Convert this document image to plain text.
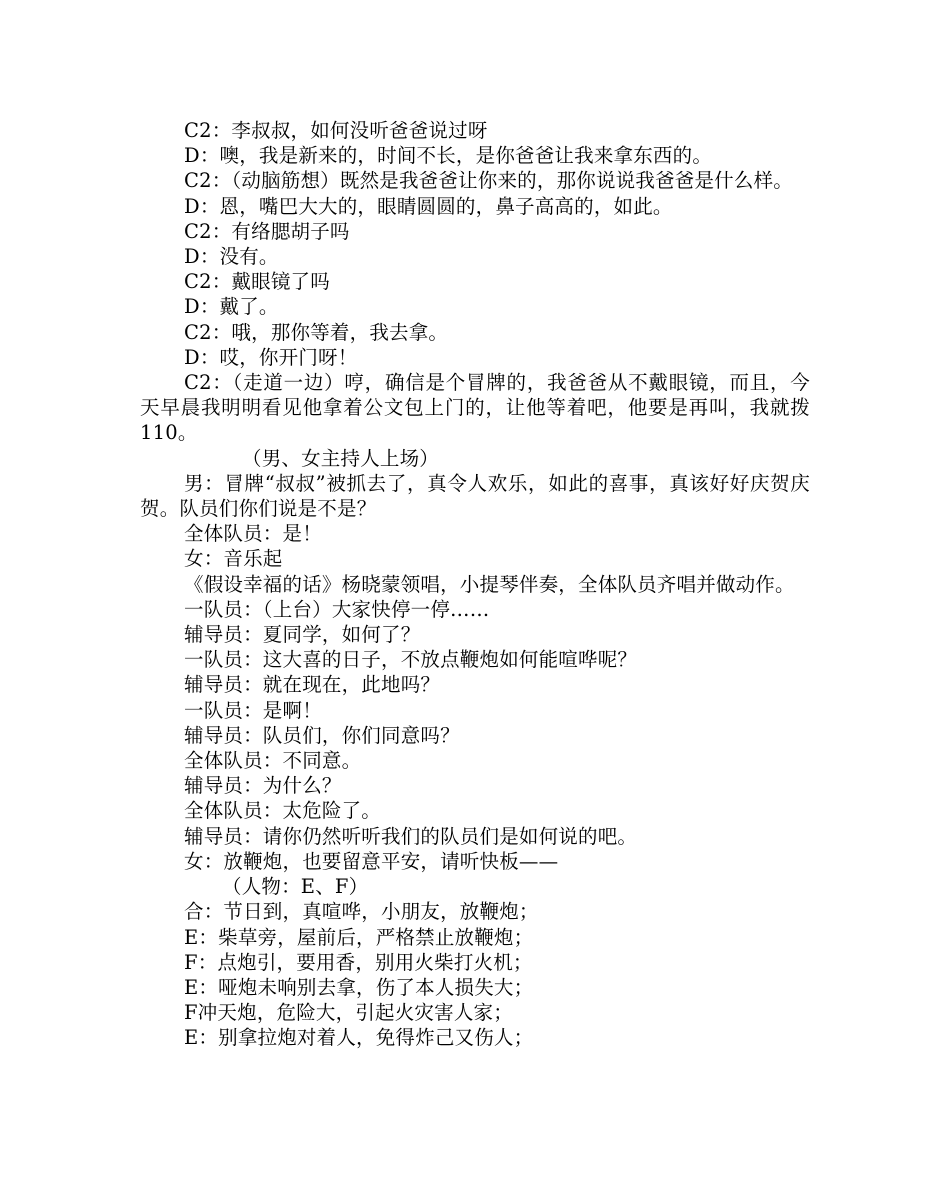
C2：李叔叔，如何没听爸爸说过呀
D：噢，我是新来的，时间不长，是你爸爸让我来拿东西的。
C2：（动脑筋想）既然是我爸爸让你来的，那你说说我爸爸是什么样。
D：恩，嘴巴大大的，眼睛圆圆的，鼻子高高的，如此。
C2：有络腮胡子吗
D：没有。
C2：戴眼镜了吗
D：戴了。
C2：哦，那你等着，我去拿。
D：哎，你开门呀！
C2：（走道一边）哼，确信是个冒牌的，我爸爸从不戴眼镜，而且，今天早晨我明明看见他拿着公文包上门的，让他等着吧，他要是再叫，我就拨110。
（男、女主持人上场）
男：冒牌“叔叔”被抓去了，真令人欢乐，如此的喜事，真该好好庆贺庆贺。队员们你们说是不是？
全体队员：是！
女：音乐起
《假设幸福的话》杨晓蒙领唱，小提琴伴奏，全体队员齐唱并做动作。
一队员：（上台）大家快停一停……
辅导员：夏同学，如何了？
一队员：这大喜的日子，不放点鞭炮如何能喧哗呢？
辅导员：就在现在，此地吗？
一队员：是啊！
辅导员：队员们，你们同意吗？
全体队员：不同意。
辅导员：为什么？
全体队员：太危险了。
辅导员：请你仍然听听我们的队员们是如何说的吧。
女：放鞭炮，也要留意平安，请听快板——
（人物：E、F）
合：节日到，真喧哗，小朋友，放鞭炮；
E：柴草旁，屋前后，严格禁止放鞭炮；
F：点炮引，要用香，别用火柴打火机；
E：哑炮未响别去拿，伤了本人损失大；
F冲天炮，危险大，引起火灾害人家；
E：别拿拉炮对着人，免得炸己又伤人；
